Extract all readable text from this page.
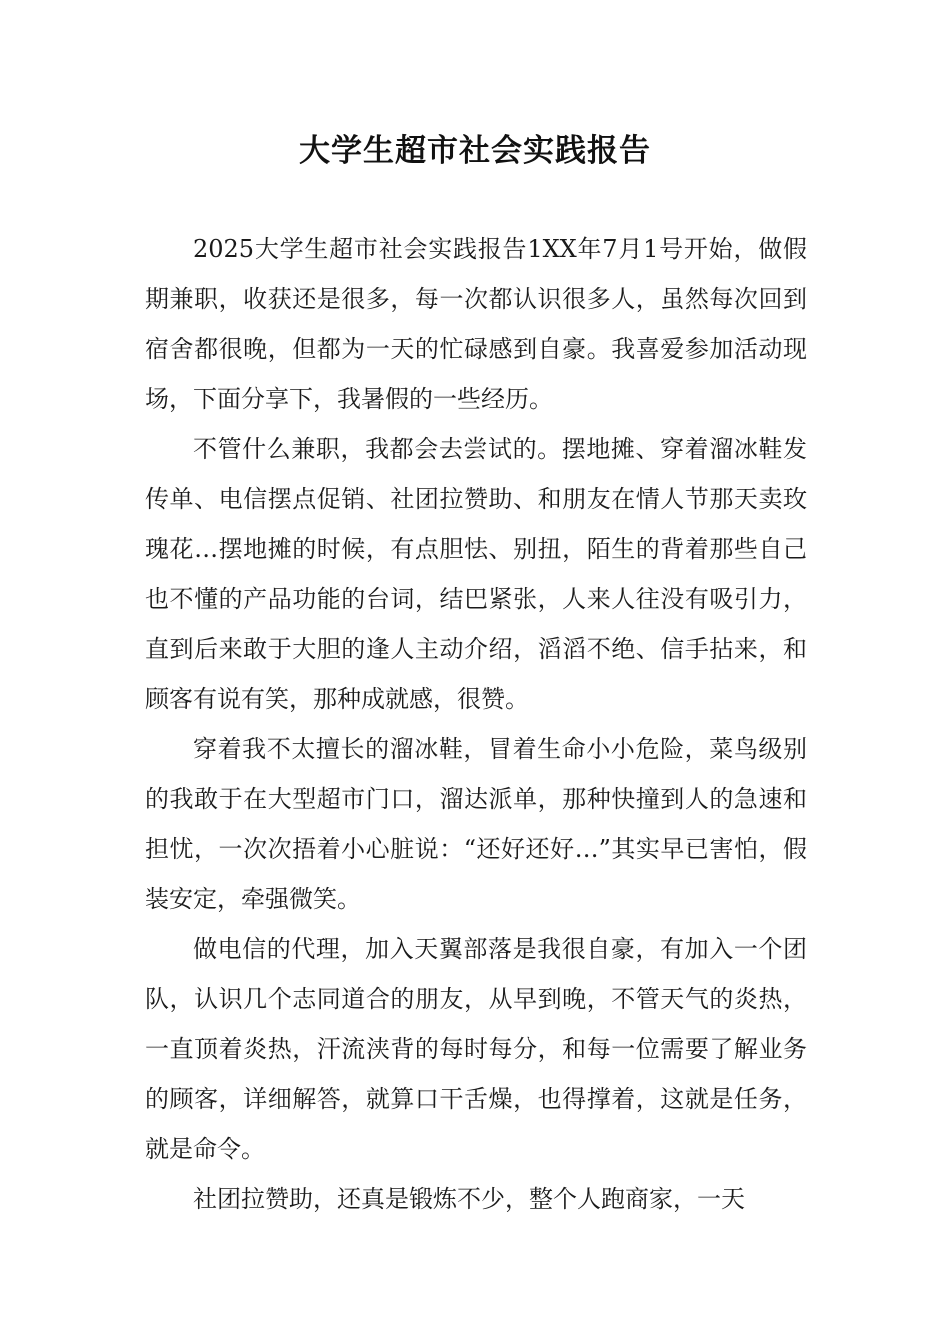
大学生超市社会实践报告

2025大学生超市社会实践报告1XX年7月1号开始，做假期兼职，收获还是很多，每一次都认识很多人，虽然每次回到宿舍都很晚，但都为一天的忙碌感到自豪。我喜爱参加活动现场，下面分享下，我暑假的一些经历。

不管什么兼职，我都会去尝试的。摆地摊、穿着溜冰鞋发传单、电信摆点促销、社团拉赞助、和朋友在情人节那天卖玫瑰花…摆地摊的时候，有点胆怯、别扭，陌生的背着那些自己也不懂的产品功能的台词，结巴紧张，人来人往没有吸引力，直到后来敢于大胆的逢人主动介绍，滔滔不绝、信手拈来，和顾客有说有笑，那种成就感，很赞。

穿着我不太擅长的溜冰鞋，冒着生命小小危险，菜鸟级别的我敢于在大型超市门口，溜达派单，那种快撞到人的急速和担忧，一次次捂着小心脏说：“还好还好…”其实早已害怕，假装安定，牵强微笑。

做电信的代理，加入天翼部落是我很自豪，有加入一个团队，认识几个志同道合的朋友，从早到晚，不管天气的炎热，一直顶着炎热，汗流浃背的每时每分，和每一位需要了解业务的顾客，详细解答，就算口干舌燥，也得撑着，这就是任务，就是命令。

社团拉赞助，还真是锻炼不少，整个人跑商家，一天
